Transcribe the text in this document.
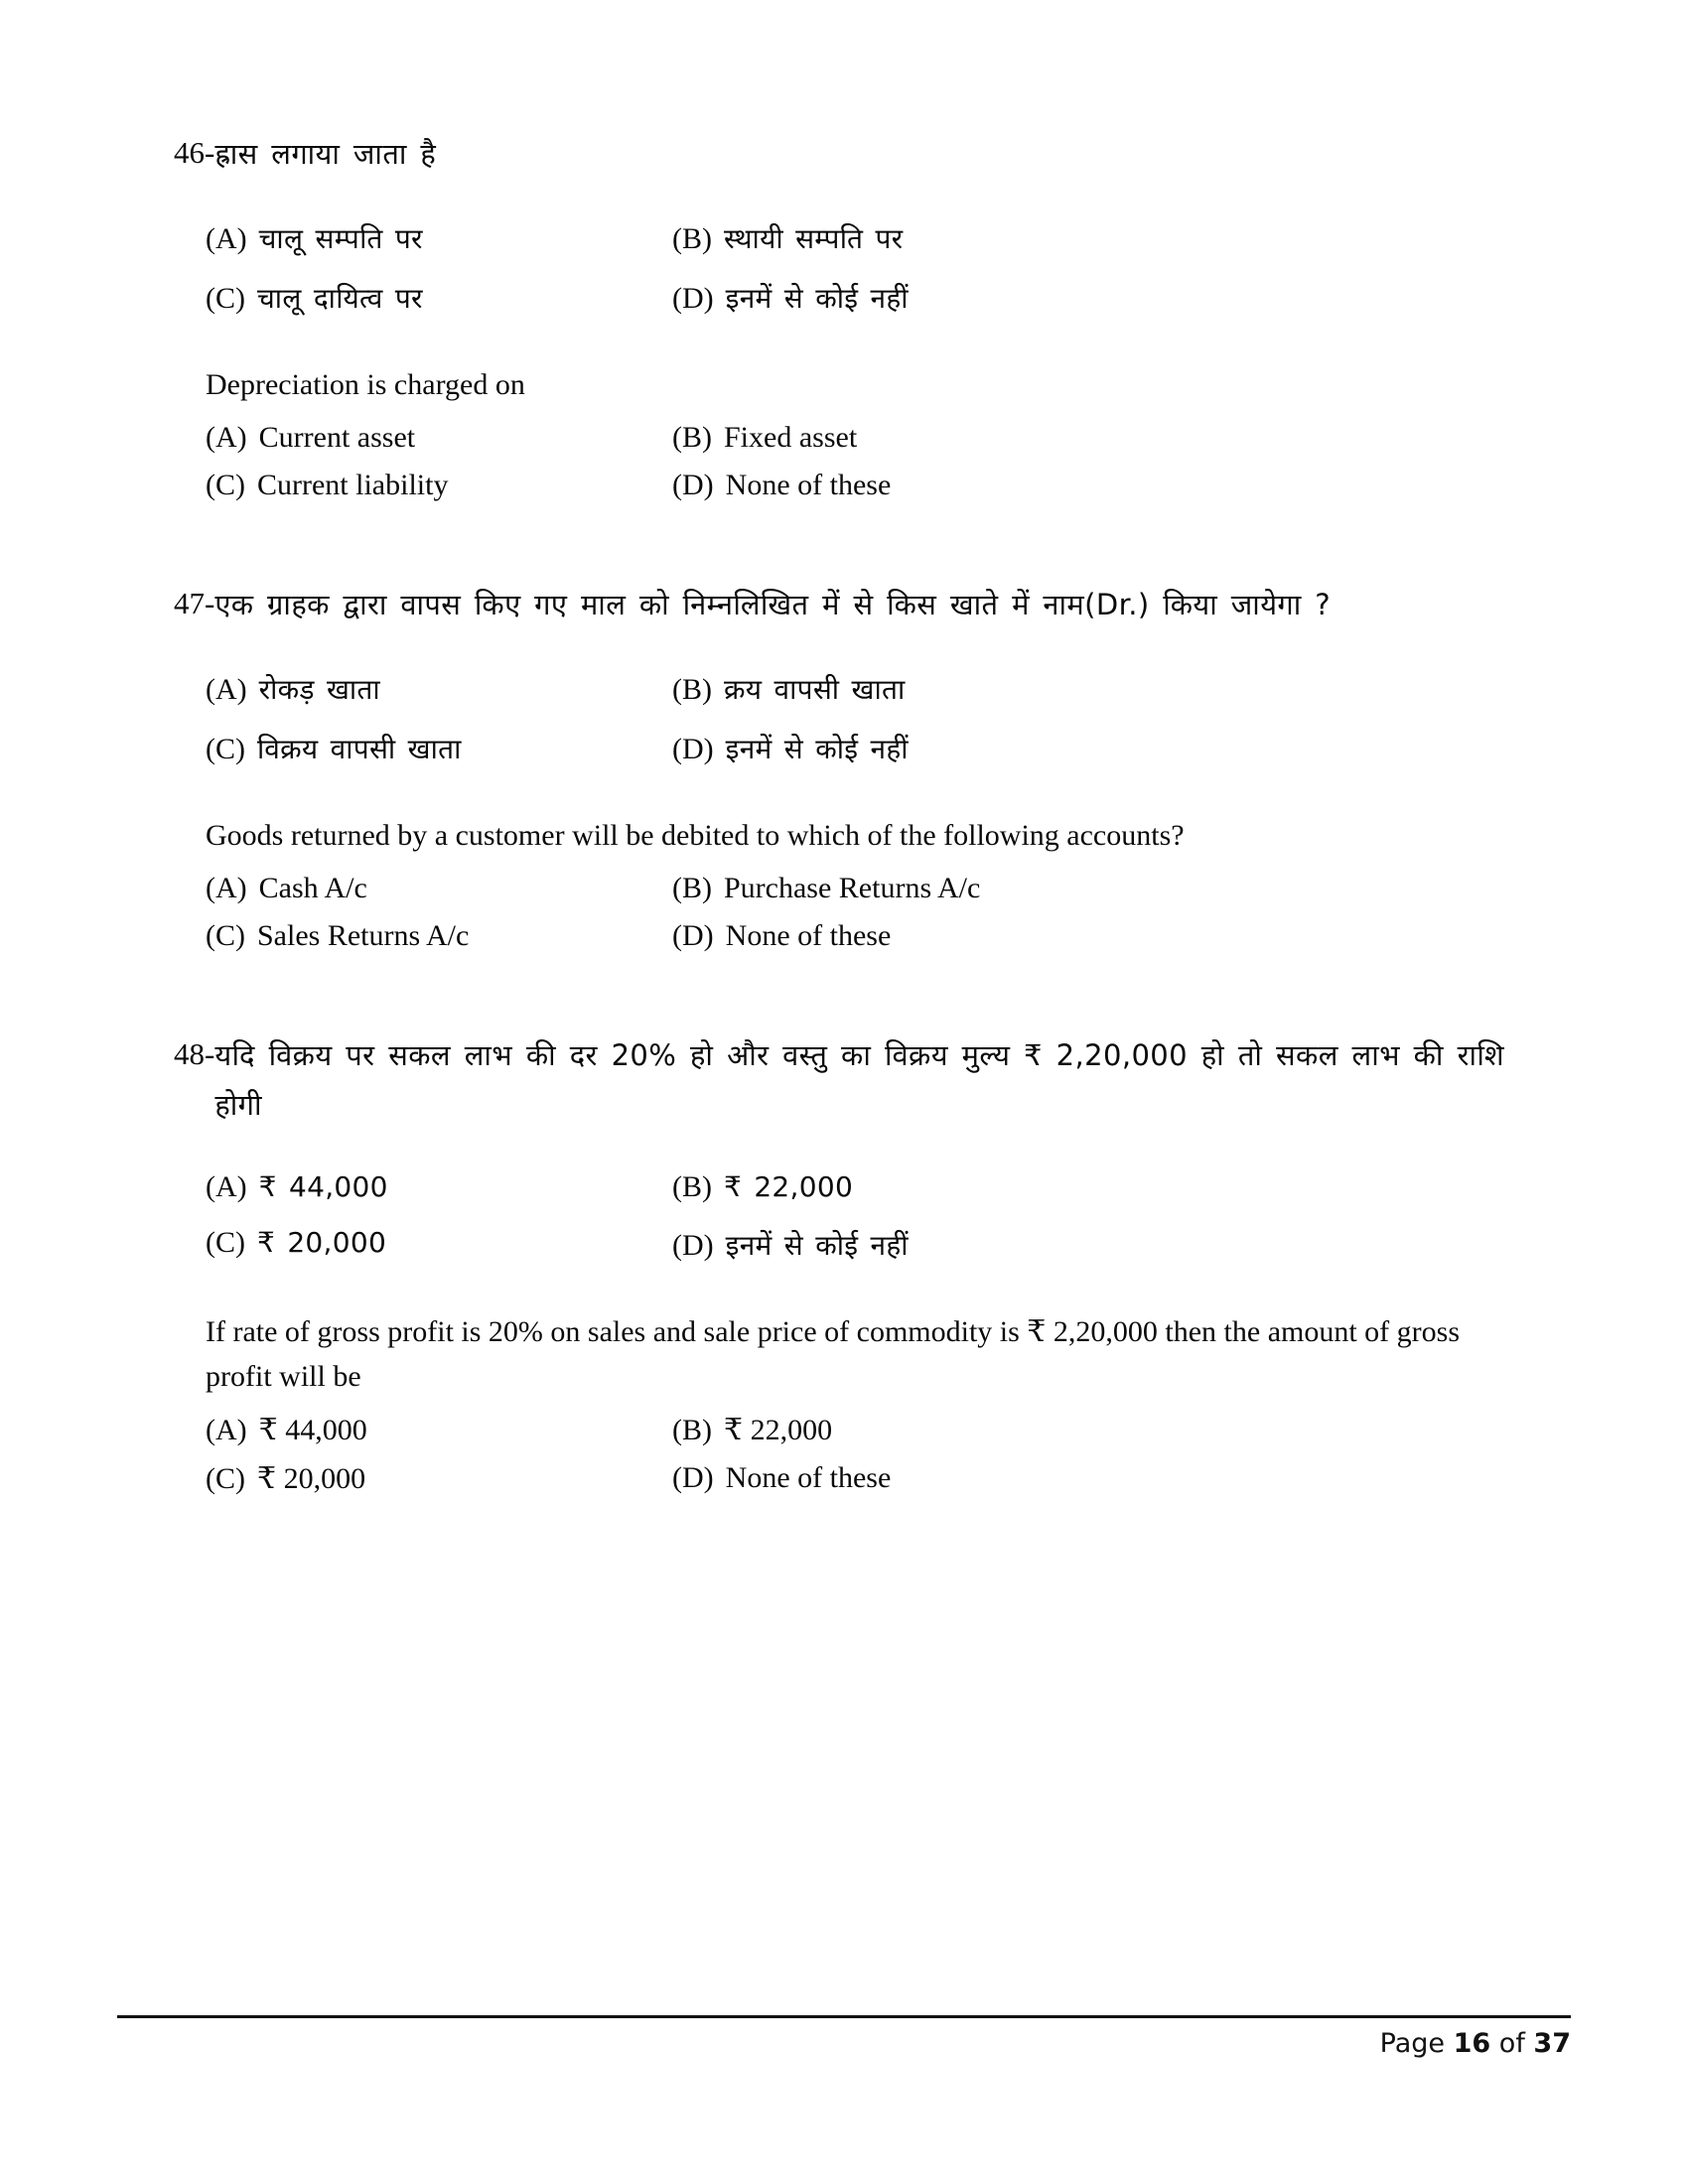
46- ह्रास लगाया जाता है
(A) चालू सम्पति पर	(B) स्थायी सम्पति पर
(C) चालू दायित्व पर	(D) इनमें से कोई नहीं
Depreciation is charged on
(A) Current asset	(B) Fixed asset
(C) Current liability	(D) None of these
47- एक ग्राहक द्वारा वापस किए गए माल को निम्नलिखित में से किस खाते में नाम(Dr.) किया जायेगा ?
(A) रोकड़ खाता	(B) क्रय वापसी खाता
(C) विक्रय वापसी खाता	(D) इनमें से कोई नहीं
Goods returned by a customer will be debited to which of the following accounts?
(A) Cash A/c	(B) Purchase Returns A/c
(C) Sales Returns A/c	(D) None of these
48- यदि विक्रय पर सकल लाभ की दर 20% हो और वस्तु का विक्रय मुल्य ₹ 2,20,000 हो तो सकल लाभ की राशि होगी
(A) ₹ 44,000	(B) ₹ 22,000
(C) ₹ 20,000	(D) इनमें से कोई नहीं
If rate of gross profit is 20% on sales and sale price of commodity is ₹ 2,20,000 then the amount of gross profit will be
(A) ₹ 44,000	(B) ₹ 22,000
(C) ₹ 20,000	(D) None of these
Page 16 of 37
